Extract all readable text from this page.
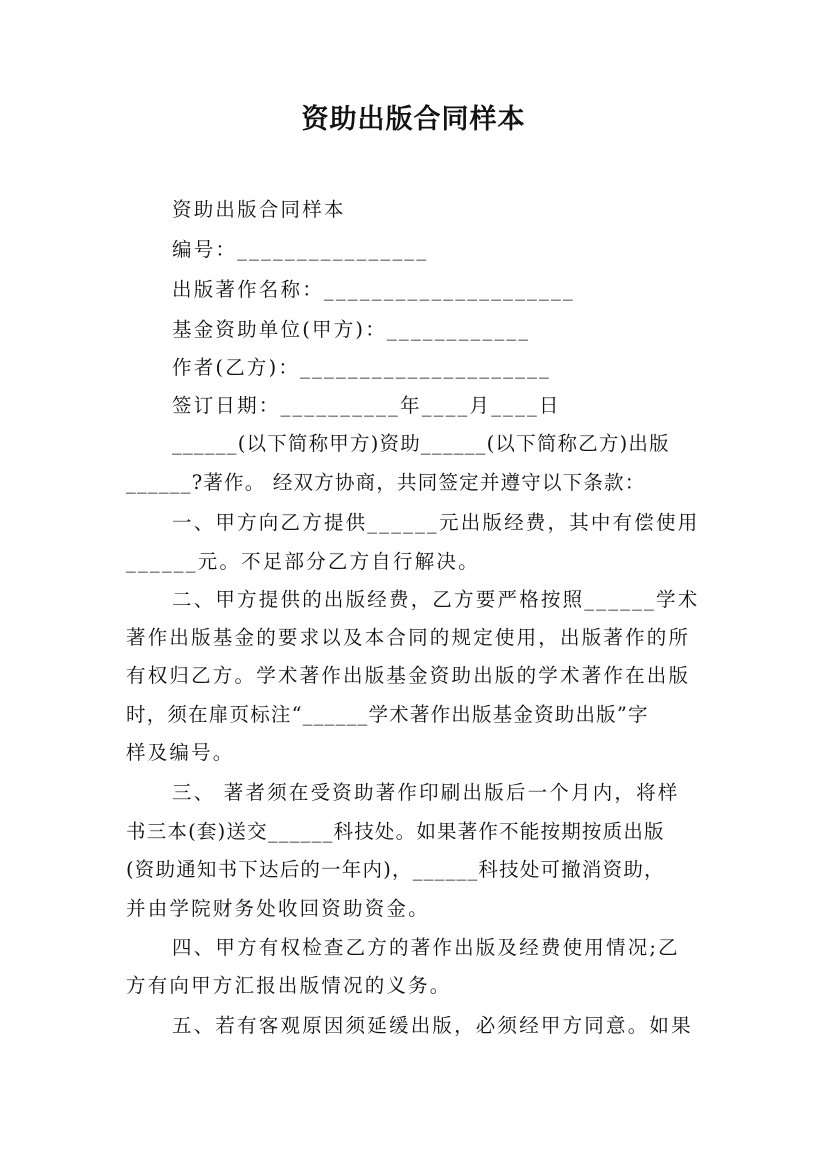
资助出版合同样本
资助出版合同样本
编号：________________
出版著作名称：_____________________
基金资助单位(甲方)：____________
作者(乙方)：_____________________
签订日期：__________年____月____日
______(以下简称甲方)资助______(以下简称乙方)出版
______?著作。 经双方协商，共同签定并遵守以下条款：
一、甲方向乙方提供______元出版经费，其中有偿使用
______元。不足部分乙方自行解决。
二、甲方提供的出版经费，乙方要严格按照______学术
著作出版基金的要求以及本合同的规定使用，出版著作的所
有权归乙方。学术著作出版基金资助出版的学术著作在出版
时，须在扉页标注“______学术著作出版基金资助出版”字
样及编号。
三、 著者须在受资助著作印刷出版后一个月内，将样
书三本(套)送交______科技处。如果著作不能按期按质出版
(资助通知书下达后的一年内)，______科技处可撤消资助，
并由学院财务处收回资助资金。
四、甲方有权检查乙方的著作出版及经费使用情况;乙
方有向甲方汇报出版情况的义务。
五、若有客观原因须延缓出版，必须经甲方同意。如果
